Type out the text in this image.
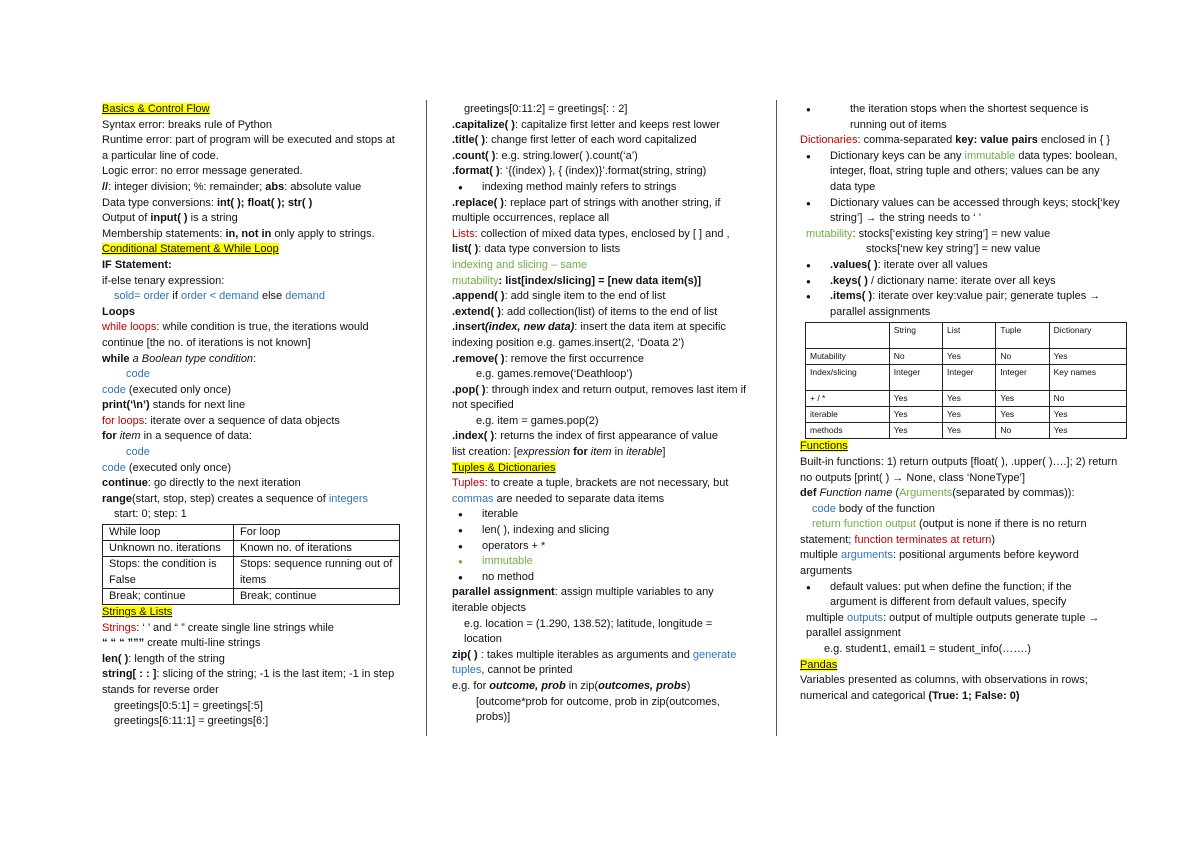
Basics & Control Flow
Syntax error: breaks rule of Python
Runtime error: part of program will be executed and stops at a particular line of code.
Logic error: no error message generated.
//: integer division; %: remainder; abs: absolute value
Data type conversions: int( ); float( ); str( )
Output of input( ) is a string
Membership statements: in, not in only apply to strings.
Conditional Statement & While Loop
IF Statement:
if-else tenary expression:
sold= order if order < demand else demand
Loops
while loops: while condition is true, the iterations would continue [the no. of iterations is not known]
while a Boolean type condition:
code
code (executed only once)
print(‘\n’) stands for next line
for loops: iterate over a sequence of data objects
for item in a sequence of data:
code
code (executed only once)
continue: go directly to the next iteration
range(start, stop, step) creates a sequence of integers
start: 0; step: 1
While loop	For loop
Unknown no. iterations	Known no. of iterations
Stops: the condition is False	Stops: sequence running out of items
Break; continue	Break; continue
Strings & Lists
Strings: ‘ ’ and “ ” create single line strings while
“ “ “ ””” create multi-line strings
len( ): length of the string
string[ : : ]: slicing of the string; -1 is the last item; -1 in step stands for reverse order
greetings[0:5:1] = greetings[:5]
greetings[6:11:1] = greetings[6:]
greetings[0:11:2] = greetings[: : 2]
.capitalize( ): capitalize first letter and keeps rest lower
.title( ): change first letter of each word capitalized
.count( ): e.g. string.lower( ).count(‘a’)
.format( ): ‘{(index) }, { (index)}’.format(string, string)
● indexing method mainly refers to strings
.replace( ): replace part of strings with another string, if multiple occurrences, replace all
Lists: collection of mixed data types, enclosed by [ ] and ,
list( ): data type conversion to lists
indexing and slicing – same
mutability: list[index/slicing] = [new data item(s)]
.append( ): add single item to the end of list
.extend( ): add collection(list) of items to the end of list
.insert(index, new data): insert the data item at specific indexing position e.g. games.insert(2, ‘Doata 2’)
.remove( ): remove the first occurrence
e.g. games.remove(‘Deathloop’)
.pop( ): through index and return output, removes last item if not specified
e.g. item = games.pop(2)
.index( ): returns the index of first appearance of value
list creation: [expression for item in iterable]
Tuples & Dictionaries
Tuples: to create a tuple, brackets are not necessary, but commas are needed to separate data items
● iterable
● len( ), indexing and slicing
● operators + *
● immutable
● no method
parallel assignment: assign multiple variables to any iterable objects
e.g. location = (1.290, 138.52); latitude, longitude = location
zip( ) : takes multiple iterables as arguments and generate tuples, cannot be printed
e.g. for outcome, prob in zip(outcomes, probs)
[outcome*prob for outcome, prob in zip(outcomes, probs)]
● the iteration stops when the shortest sequence is running out of items
Dictionaries: comma-separated key: value pairs enclosed in { }
● Dictionary keys can be any immutable data types: boolean, integer, float, string tuple and others; values can be any data type
● Dictionary values can be accessed through keys; stock[‘key string’] → the string needs to ‘ ’
mutability: stocks[‘existing key string’] = new value
stocks[‘new key string’] = new value
● .values( ): iterate over all values
● .keys( ) / dictionary name: iterate over all keys
● .items( ): iterate over key:value pair; generate tuples → parallel assignments
	String	List	Tuple	Dictionary
Mutability	No	Yes	No	Yes
Index/slicing	Integer	Integer	Integer	Key names
+ / *	Yes	Yes	Yes	No
iterable	Yes	Yes	Yes	Yes
methods	Yes	Yes	No	Yes
Functions
Built-in functions: 1) return outputs [float( ), .upper( )….]; 2) return no outputs [print( ) → None, class ‘NoneType’]
def Function name (Arguments(separated by commas)):
code body of the function
return function output (output is none if there is no return statement; function terminates at return)
multiple arguments: positional arguments before keyword arguments
● default values: put when define the function; if the argument is different from default values, specify
multiple outputs: output of multiple outputs generate tuple → parallel assignment
e.g. student1, email1 = student_info(…….)
Pandas
Variables presented as columns, with observations in rows; numerical and categorical (True: 1; False: 0)
